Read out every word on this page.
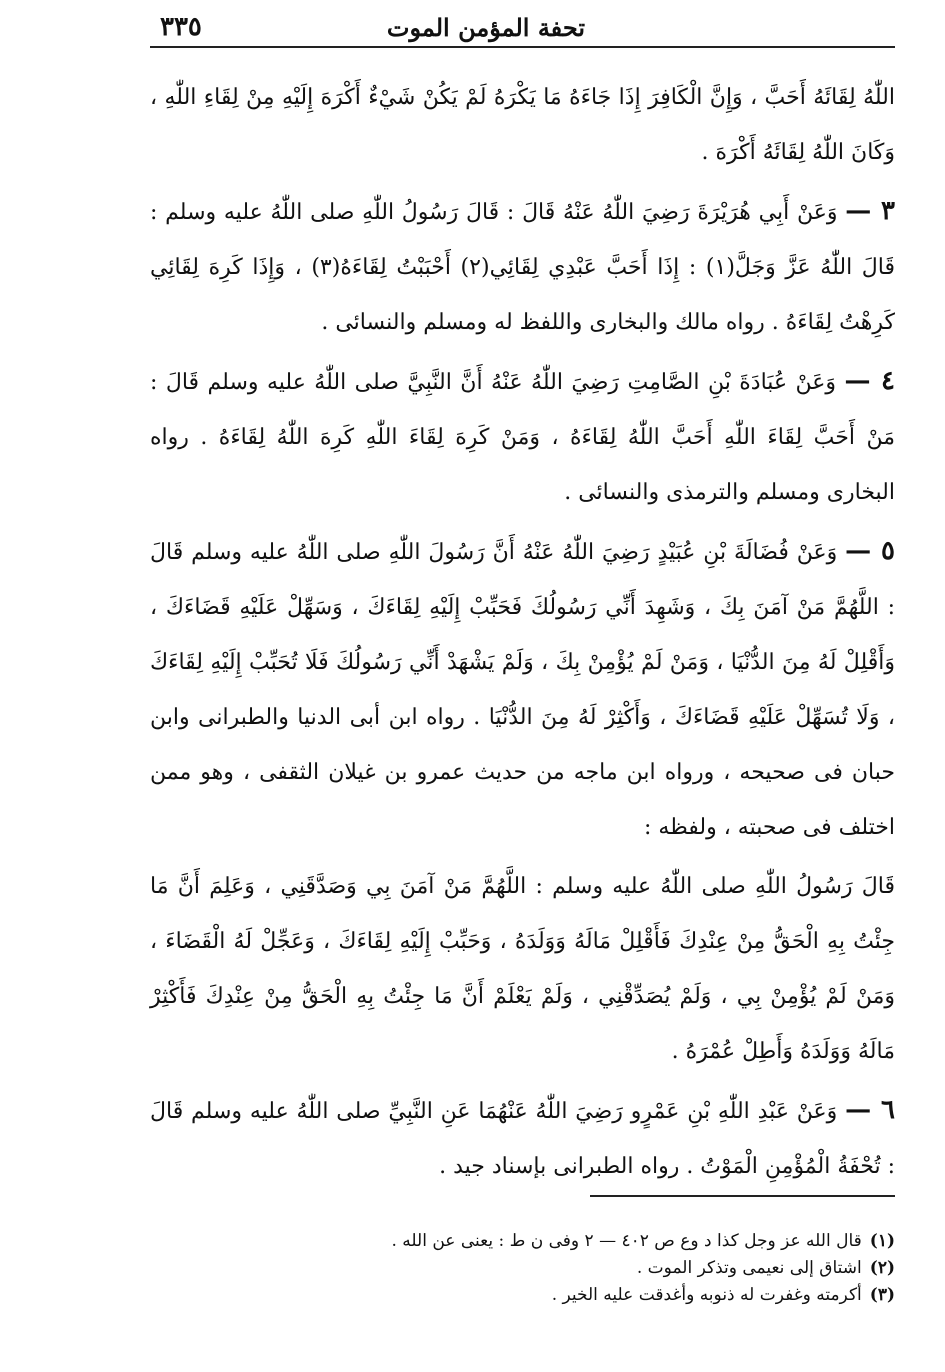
تحفة المؤمن الموت
٣٣٥

اللّٰهُ لِقَائَهُ أَحَبَّ ، وَإِنَّ الْكَافِرَ إِذَا جَاءَهُ مَا يَكْرَهُ لَمْ يَكُنْ شَيْءٌ أَكْرَهَ إِلَيْهِ مِنْ لِقَاءِ اللّٰهِ ، وَكَانَ اللّٰهُ لِقَائَهُ أَكْرَهَ .

٣ — وَعَنْ أَبِي هُرَيْرَةَ رَضِيَ اللّٰهُ عَنْهُ قَالَ : قَالَ رَسُولُ اللّٰهِ صلى اللّٰهُ عليه وسلم : قَالَ اللّٰهُ عَزَّ وَجَلَّ(١) : إِذَا أَحَبَّ عَبْدِي لِقَائِي(٢) أَحْبَبْتُ لِقَاءَهُ(٣) ، وَإِذَا كَرِهَ لِقَائِي كَرِهْتُ لِقَاءَهُ . رواه مالك والبخارى واللفظ له ومسلم والنسائى .

٤ — وَعَنْ عُبَادَةَ بْنِ الصَّامِتِ رَضِيَ اللّٰهُ عَنْهُ أَنَّ النَّبِيَّ صلى اللّٰهُ عليه وسلم قَالَ : مَنْ أَحَبَّ لِقَاءَ اللّٰهِ أَحَبَّ اللّٰهُ لِقَاءَهُ ، وَمَنْ كَرِهَ لِقَاءَ اللّٰهِ كَرِهَ اللّٰهُ لِقَاءَهُ . رواه البخارى ومسلم والترمذى والنسائى .

٥ — وَعَنْ فُضَالَةَ بْنِ عُبَيْدٍ رَضِيَ اللّٰهُ عَنْهُ أَنَّ رَسُولَ اللّٰهِ صلى اللّٰهُ عليه وسلم قَالَ : اللَّهُمَّ مَنْ آمَنَ بِكَ ، وَشَهِدَ أَنِّي رَسُولُكَ فَحَبِّبْ إِلَيْهِ لِقَاءَكَ ، وَسَهِّلْ عَلَيْهِ قَضَاءَكَ ، وَأَقْلِلْ لَهُ مِنَ الدُّنْيَا ، وَمَنْ لَمْ يُؤْمِنْ بِكَ ، وَلَمْ يَشْهَدْ أَنِّي رَسُولُكَ فَلَا تُحَبِّبْ إِلَيْهِ لِقَاءَكَ ، وَلَا تُسَهِّلْ عَلَيْهِ قَضَاءَكَ ، وَأَكْثِرْ لَهُ مِنَ الدُّنْيَا . رواه ابن أبى الدنيا والطبرانى وابن حبان فى صحيحه ، ورواه ابن ماجه من حديث عمرو بن غيلان الثقفى ، وهو ممن اختلف فى صحبته ، ولفظه :

قَالَ رَسُولُ اللّٰهِ صلى اللّٰهُ عليه وسلم : اللَّهُمَّ مَنْ آمَنَ بِي وَصَدَّقَنِي ، وَعَلِمَ أَنَّ مَا جِئْتُ بِهِ الْحَقُّ مِنْ عِنْدِكَ فَأَقْلِلْ مَالَهُ وَوَلَدَهُ ، وَحَبِّبْ إِلَيْهِ لِقَاءَكَ ، وَعَجِّلْ لَهُ الْقَضَاءَ ، وَمَنْ لَمْ يُؤْمِنْ بِي ، وَلَمْ يُصَدِّقْنِي ، وَلَمْ يَعْلَمْ أَنَّ مَا جِئْتُ بِهِ الْحَقُّ مِنْ عِنْدِكَ فَأَكْثِرْ مَالَهُ وَوَلَدَهُ وَأَطِلْ عُمْرَهُ .

٦ — وَعَنْ عَبْدِ اللّٰهِ بْنِ عَمْرٍو رَضِيَ اللّٰهُ عَنْهُمَا عَنِ النَّبِيِّ صلى اللّٰهُ عليه وسلم قَالَ : تُحْفَةُ الْمُؤْمِنِ الْمَوْتُ . رواه الطبرانى بإسناد جيد .

(١)قال الله عز وجل كذا د وع ص ٤٠٢ — ٢ وفى ن ط : يعنى عن الله .

(٢)اشتاق إلى نعيمى وتذكر الموت .

(٣)أكرمته وغفرت له ذنوبه وأغدقت عليه الخير .
